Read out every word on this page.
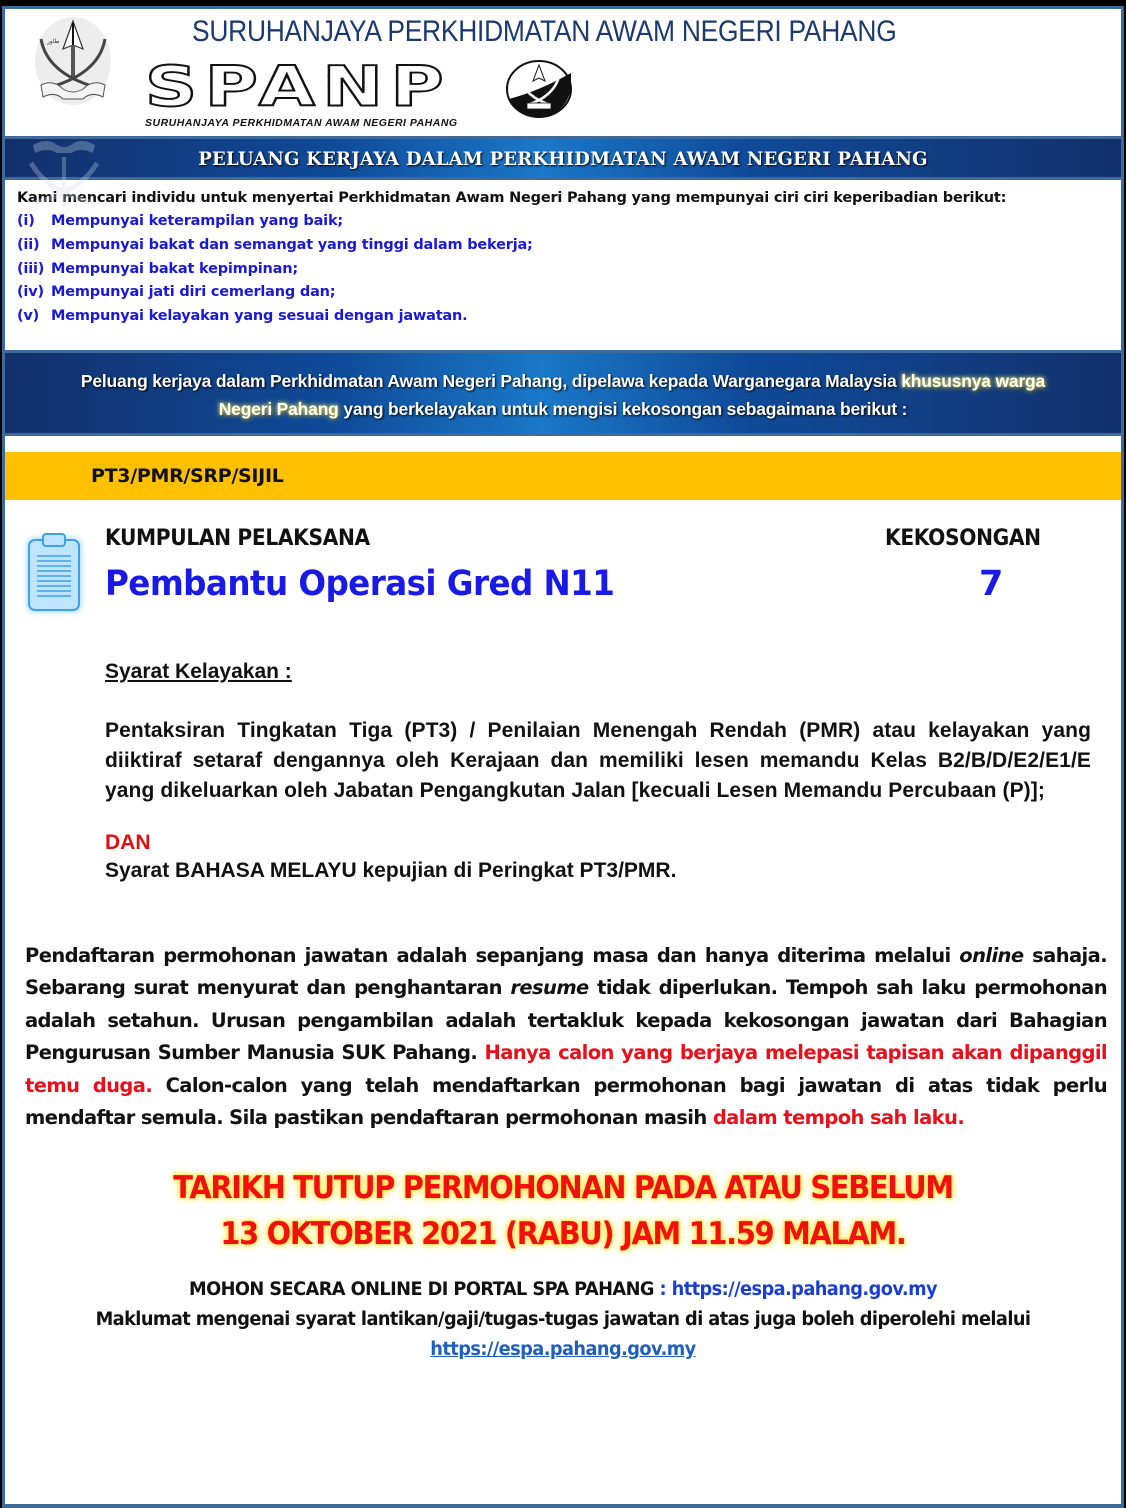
ﻃﺎﻭﺭ	SURUHANJAYA PERKHIDMATAN AWAM NEGERI PAHANG
SPANP
SURUHANJAYA PERKHIDMATAN AWAM NEGERI PAHANG
PELUANG KERJAYA DALAM PERKHIDMATAN AWAM NEGERI PAHANG
Kami mencari individu untuk menyertai Perkhidmatan Awam Negeri Pahang yang mempunyai ciri ciri keperibadian berikut:
(i) Mempunyai keterampilan yang baik;
(ii) Mempunyai bakat dan semangat yang tinggi dalam bekerja;
(iii) Mempunyai bakat kepimpinan;
(iv) Mempunyai jati diri cemerlang dan;
(v) Mempunyai kelayakan yang sesuai dengan jawatan.
Peluang kerjaya dalam Perkhidmatan Awam Negeri Pahang, dipelawa kepada Warganegara Malaysia khususnya warga
Negeri Pahang yang berkelayakan untuk mengisi kekosongan sebagaimana berikut :
PT3/PMR/SRP/SIJIL
KUMPULAN PELAKSANA
Pembantu Operasi Gred N11
KEKOSONGAN
7
Syarat Kelayakan :
Pentaksiran Tingkatan Tiga (PT3) / Penilaian Menengah Rendah (PMR) atau kelayakan yang diiktiraf setaraf dengannya oleh Kerajaan dan memiliki lesen memandu Kelas B2/B/D/E2/E1/E yang dikeluarkan oleh Jabatan Pengangkutan Jalan [kecuali Lesen Memandu Percubaan (P)];
DAN
Syarat BAHASA MELAYU kepujian di Peringkat PT3/PMR.
Pendaftaran permohonan jawatan adalah sepanjang masa dan hanya diterima melalui online sahaja. Sebarang surat menyurat dan penghantaran resume tidak diperlukan. Tempoh sah laku permohonan adalah setahun. Urusan pengambilan adalah tertakluk kepada kekosongan jawatan dari Bahagian Pengurusan Sumber Manusia SUK Pahang. Hanya calon yang berjaya melepasi tapisan akan dipanggil temu duga. Calon-calon yang telah mendaftarkan permohonan bagi jawatan di atas tidak perlu mendaftar semula. Sila pastikan pendaftaran permohonan masih dalam tempoh sah laku.
TARIKH TUTUP PERMOHONAN PADA ATAU SEBELUM
13 OKTOBER 2021 (RABU) JAM 11.59 MALAM.
MOHON SECARA ONLINE DI PORTAL SPA PAHANG : https://espa.pahang.gov.my
Maklumat mengenai syarat lantikan/gaji/tugas-tugas jawatan di atas juga boleh diperolehi melalui
https://espa.pahang.gov.my
